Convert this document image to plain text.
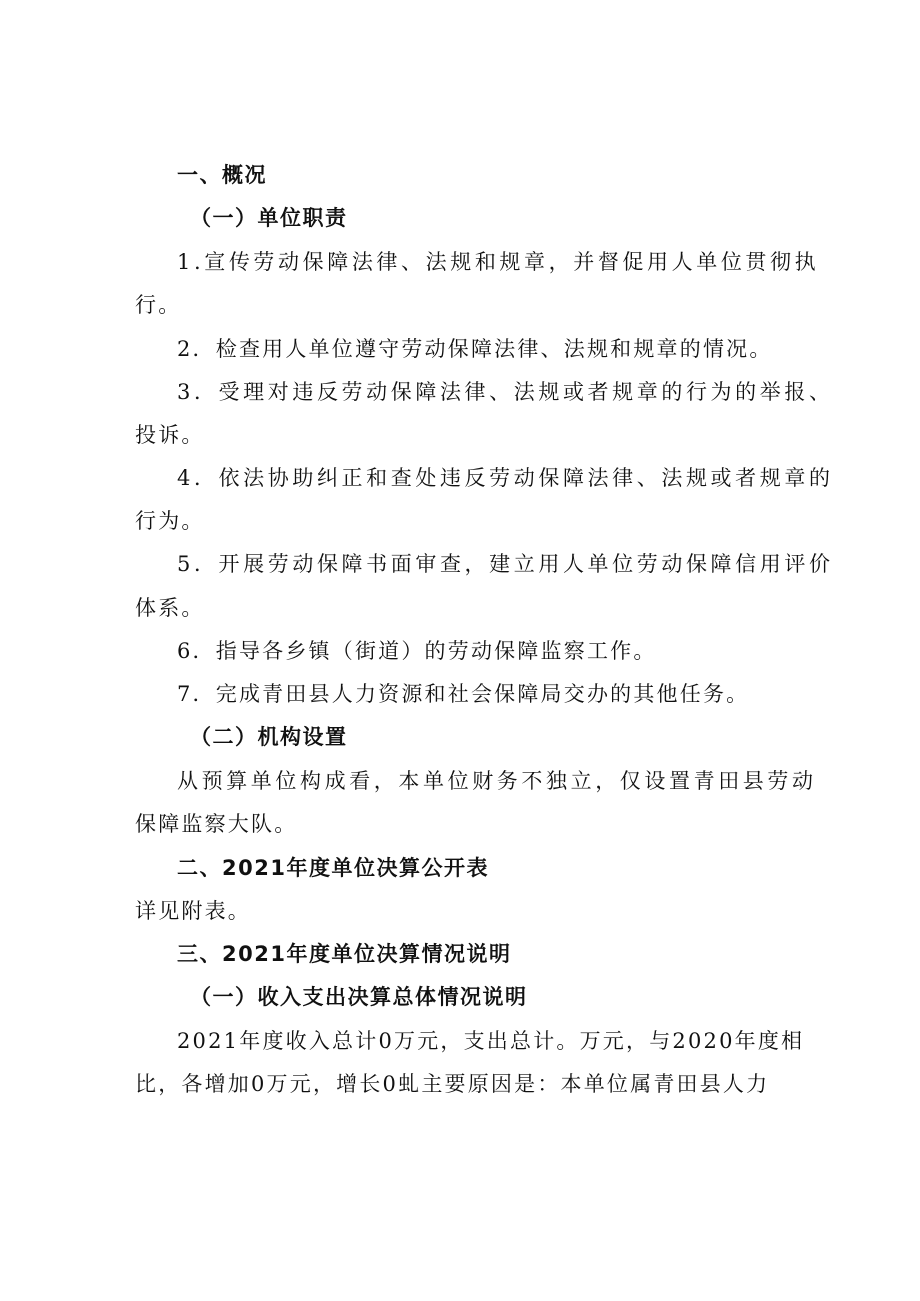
一、概况
（一）单位职责
1.宣传劳动保障法律、法规和规章，并督促用人单位贯彻执
行。
2．检查用人单位遵守劳动保障法律、法规和规章的情况。
3．受理对违反劳动保障法律、法规或者规章的行为的举报、
投诉。
4．依法协助纠正和查处违反劳动保障法律、法规或者规章的
行为。
5．开展劳动保障书面审查，建立用人单位劳动保障信用评价
体系。
6．指导各乡镇（街道）的劳动保障监察工作。
7．完成青田县人力资源和社会保障局交办的其他任务。
（二）机构设置
从预算单位构成看，本单位财务不独立，仅设置青田县劳动
保障监察大队。
二、2021年度单位决算公开表
详见附表。
三、2021年度单位决算情况说明
（一）收入支出决算总体情况说明
2021年度收入总计0万元，支出总计。万元，与2020年度相
比，各增加0万元，增长0虬主要原因是：本单位属青田县人力
